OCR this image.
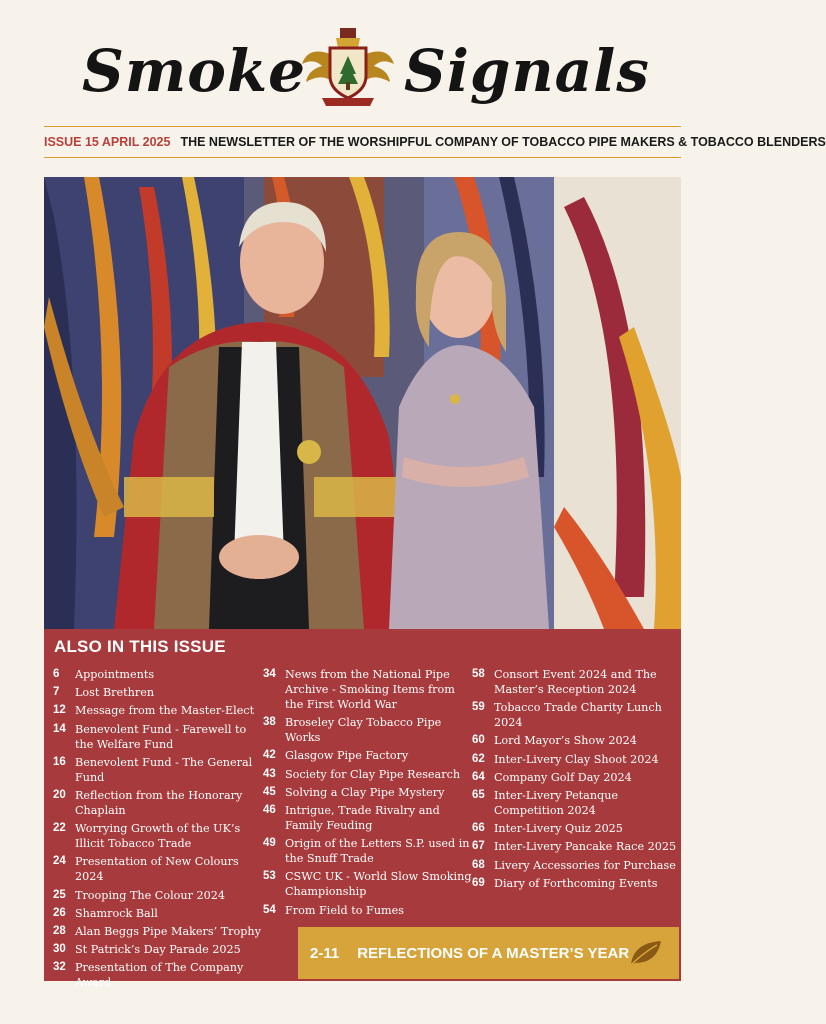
Smoke Signals
ISSUE 15 APRIL 2025 THE NEWSLETTER OF THE WORSHIPFUL COMPANY OF TOBACCO PIPE MAKERS & TOBACCO BLENDERS
ALSO IN THIS ISSUE
6	Appointments
7	Lost Brethren
12 Message from the Master-Elect
14 Benevolent Fund - Farewell to the Welfare Fund
16 Benevolent Fund - The General Fund
20 Reflection from the Honorary Chaplain
22 Worrying Growth of the UK’s Illicit Tobacco Trade
24 Presentation of New Colours 2024
25 Trooping The Colour 2024
26 Shamrock Ball
28 Alan Beggs Pipe Makers’ Trophy
30 St Patrick’s Day Parade 2025
32 Presentation of The Company Award
34 News from the National Pipe Archive - Smoking Items from the First World War
38 Broseley Clay Tobacco Pipe Works
42 Glasgow Pipe Factory
43 Society for Clay Pipe Research
45 Solving a Clay Pipe Mystery
46 Intrigue, Trade Rivalry and Family Feuding
49 Origin of the Letters S.P. used in the Snuff Trade
53 CSWC UK - World Slow Smoking Championship
54 From Field to Fumes
58 Consort Event 2024 and The Master’s Reception 2024
59 Tobacco Trade Charity Lunch 2024
60 Lord Mayor’s Show 2024
62 Inter-Livery Clay Shoot 2024
64 Company Golf Day 2024
65 Inter-Livery Petanque Competition 2024
66 Inter-Livery Quiz 2025
67 Inter-Livery Pancake Race 2025
68 Livery Accessories for Purchase
69 Diary of Forthcoming Events
2-11 REFLECTIONS OF A MASTER’S YEAR
